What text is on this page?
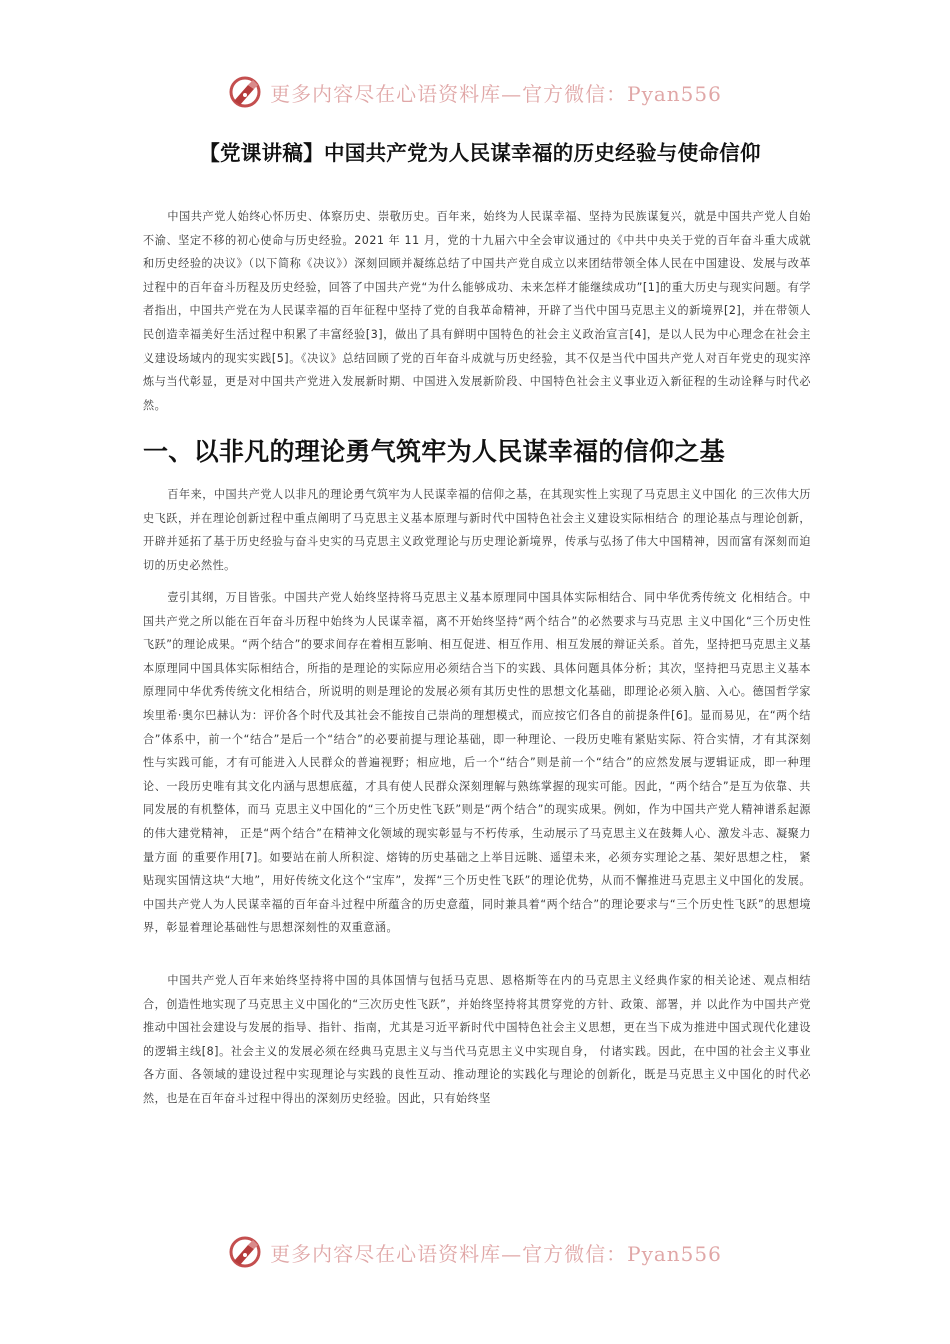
更多内容尽在心语资料库—官方微信：Pyan556
【党课讲稿】中国共产党为人民谋幸福的历史经验与使命信仰

中国共产党人始终心怀历史、体察历史、崇敬历史。百年来，始终为人民谋幸福、坚持为民族谋复兴，就是中国共产党人自始不渝、坚定不移的初心使命与历史经验。2021 年 11 月，党的十九届六中全会审议通过的《中共中央关于党的百年奋斗重大成就和历史经验的决议》（以下简称《决议》）深刻回顾并凝练总结了中国共产党自成立以来团结带领全体人民在中国建设、发展与改革过程中的百年奋斗历程及历史经验，回答了中国共产党“为什么能够成功、未来怎样才能继续成功”[1]的重大历史与现实问题。有学者指出，中国共产党在为人民谋幸福的百年征程中坚持了党的自我革命精神，开辟了当代中国马克思主义的新境界[2]，并在带领人民创造幸福美好生活过程中积累了丰富经验[3]，做出了具有鲜明中国特色的社会主义政治宣言[4]，是以人民为中心理念在社会主义建设场域内的现实实践[5]。《决议》总结回顾了党的百年奋斗成就与历史经验，其不仅是当代中国共产党人对百年党史的现实淬炼与当代彰显，更是对中国共产党进入发展新时期、中国进入发展新阶段、中国特色社会主义事业迈入新征程的生动诠释与时代必然。

一、以非凡的理论勇气筑牢为人民谋幸福的信仰之基

百年来，中国共产党人以非凡的理论勇气筑牢为人民谋幸福的信仰之基，在其现实性上实现了马克思主义中国化 的三次伟大历史飞跃，并在理论创新过程中重点阐明了马克思主义基本原理与新时代中国特色社会主义建设实际相结合 的理论基点与理论创新，开辟并延拓了基于历史经验与奋斗史实的马克思主义政党理论与历史理论新境界，传承与弘扬了伟大中国精神，因而富有深刻而迫切的历史必然性。

壹引其纲，万目皆张。中国共产党人始终坚持将马克思主义基本原理同中国具体实际相结合、同中华优秀传统文 化相结合。中国共产党之所以能在百年奋斗历程中始终为人民谋幸福，离不开始终坚持“两个结合”的必然要求与马克思 主义中国化“三个历史性飞跃”的理论成果。“两个结合”的要求间存在着相互影响、相互促进、相互作用、相互发展的辩证关系。首先，坚持把马克思主义基本原理同中国具体实际相结合，所指的是理论的实际应用必须结合当下的实践、具体问题具体分析；其次，坚持把马克思主义基本原理同中华优秀传统文化相结合，所说明的则是理论的发展必须有其历史性的思想文化基础，即理论必须入脑、入心。德国哲学家埃里希·奥尔巴赫认为：评价各个时代及其社会不能按自己崇尚的理想模式，而应按它们各自的前提条件[6]。显而易见，在“两个结合”体系中，前一个“结合”是后一个“结合”的必要前提与理论基础，即一种理论、一段历史唯有紧贴实际、符合实情，才有其深刻性与实践可能，才有可能进入人民群众的普遍视野；相应地，后一个“结合”则是前一个“结合”的应然发展与逻辑证成，即一种理论、一段历史唯有其文化内涵与思想底蕴，才具有使人民群众深刻理解与熟练掌握的现实可能。因此，“两个结合”是互为依靠、共同发展的有机整体，而马 克思主义中国化的“三个历史性飞跃”则是“两个结合”的现实成果。例如，作为中国共产党人精神谱系起源的伟大建党精神， 正是“两个结合”在精神文化领域的现实彰显与不朽传承，生动展示了马克思主义在鼓舞人心、激发斗志、凝聚力量方面 的重要作用[7]。如要站在前人所积淀、熔铸的历史基础之上举目远眺、遥望未来，必须夯实理论之基、架好思想之柱， 紧贴现实国情这块“大地”，用好传统文化这个“宝库”，发挥“三个历史性飞跃”的理论优势，从而不懈推进马克思主义中国化的发展。中国共产党人为人民谋幸福的百年奋斗过程中所蕴含的历史意蕴，同时兼具着“两个结合”的理论要求与“三个历史性飞跃”的思想境界，彰显着理论基础性与思想深刻性的双重意涵。

中国共产党人百年来始终坚持将中国的具体国情与包括马克思、恩格斯等在内的马克思主义经典作家的相关论述、观点相结合，创造性地实现了马克思主义中国化的“三次历史性飞跃”，并始终坚持将其贯穿党的方针、政策、部署，并 以此作为中国共产党推动中国社会建设与发展的指导、指针、指南，尤其是习近平新时代中国特色社会主义思想，更在当下成为推进中国式现代化建设的逻辑主线[8]。社会主义的发展必须在经典马克思主义与当代马克思主义中实现自身， 付诸实践。因此，在中国的社会主义事业各方面、各领域的建设过程中实现理论与实践的良性互动、推动理论的实践化与理论的创新化，既是马克思主义中国化的时代必然，也是在百年奋斗过程中得出的深刻历史经验。因此，只有始终坚

更多内容尽在心语资料库—官方微信：Pyan556
